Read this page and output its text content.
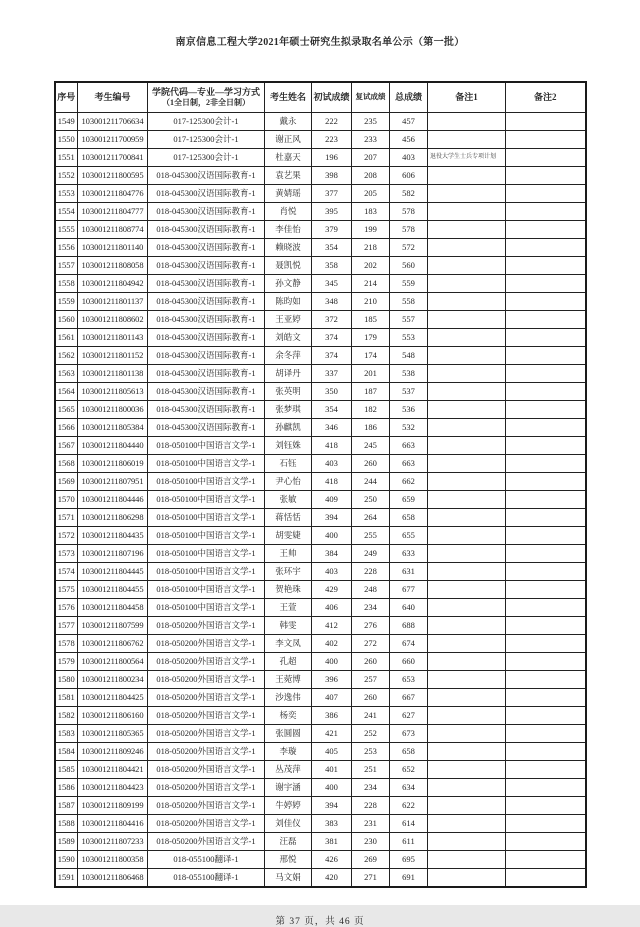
南京信息工程大学2021年硕士研究生拟录取名单公示（第一批）
序号	考生编号	学院代码—专业—学习方式
（1全日制，2非全日制）	考生姓名	初试成绩	复试成绩	总成绩	备注1	备注2
1549	103001211706634	017-125300会计-1	戴永	222	235	457		
1550	103001211700959	017-125300会计-1	谢正风	223	233	456		
1551	103001211700841	017-125300会计-1	杜嘉天	196	207	403	退役大学生士兵专项计划	
1552	103001211800595	018-045300汉语国际教育-1	袁艺果	398	208	606		
1553	103001211804776	018-045300汉语国际教育-1	黄婧瑶	377	205	582		
1554	103001211804777	018-045300汉语国际教育-1	肖悦	395	183	578		
1555	103001211808774	018-045300汉语国际教育-1	李佳怡	379	199	578		
1556	103001211801140	018-045300汉语国际教育-1	赖晓波	354	218	572		
1557	103001211808058	018-045300汉语国际教育-1	聂凯悦	358	202	560		
1558	103001211804942	018-045300汉语国际教育-1	孙文静	345	214	559		
1559	103001211801137	018-045300汉语国际教育-1	陈昀如	348	210	558		
1560	103001211808602	018-045300汉语国际教育-1	王亚婷	372	185	557		
1561	103001211801143	018-045300汉语国际教育-1	刘皓文	374	179	553		
1562	103001211801152	018-045300汉语国际教育-1	余冬萍	374	174	548		
1563	103001211801138	018-045300汉语国际教育-1	胡译丹	337	201	538		
1564	103001211805613	018-045300汉语国际教育-1	张英明	350	187	537		
1565	103001211800036	018-045300汉语国际教育-1	张梦琪	354	182	536		
1566	103001211805384	018-045300汉语国际教育-1	孙麒凯	346	186	532		
1567	103001211804440	018-050100中国语言文学-1	刘钰姝	418	245	663		
1568	103001211806019	018-050100中国语言文学-1	石钰	403	260	663		
1569	103001211807951	018-050100中国语言文学-1	尹心怡	418	244	662		
1570	103001211804446	018-050100中国语言文学-1	张敏	409	250	659		
1571	103001211806298	018-050100中国语言文学-1	蒋恬恬	394	264	658		
1572	103001211804435	018-050100中国语言文学-1	胡雯婕	400	255	655		
1573	103001211807196	018-050100中国语言文学-1	王帅	384	249	633		
1574	103001211804445	018-050100中国语言文学-1	张环宇	403	228	631		
1575	103001211804455	018-050100中国语言文学-1	贺艳珠	429	248	677		
1576	103001211804458	018-050100中国语言文学-1	王萱	406	234	640		
1577	103001211807599	018-050200外国语言文学-1	韩雯	412	276	688		
1578	103001211806762	018-050200外国语言文学-1	李文凤	402	272	674		
1579	103001211800564	018-050200外国语言文学-1	孔超	400	260	660		
1580	103001211800234	018-050200外国语言文学-1	王菀博	396	257	653		
1581	103001211804425	018-050200外国语言文学-1	沙逸伟	407	260	667		
1582	103001211806160	018-050200外国语言文学-1	杨奕	386	241	627		
1583	103001211805365	018-050200外国语言文学-1	张圆圆	421	252	673		
1584	103001211809246	018-050200外国语言文学-1	李璇	405	253	658		
1585	103001211804421	018-050200外国语言文学-1	丛茂萍	401	251	652		
1586	103001211804423	018-050200外国语言文学-1	谢宇涵	400	234	634		
1587	103001211809199	018-050200外国语言文学-1	牛婷婷	394	228	622		
1588	103001211804416	018-050200外国语言文学-1	刘佳仪	383	231	614		
1589	103001211807233	018-050200外国语言文学-1	汪磊	381	230	611		
1590	103001211800358	018-055100翻译-1	邢悦	426	269	695		
1591	103001211806468	018-055100翻译-1	马文娟	420	271	691		
第 37 页，共 46 页
